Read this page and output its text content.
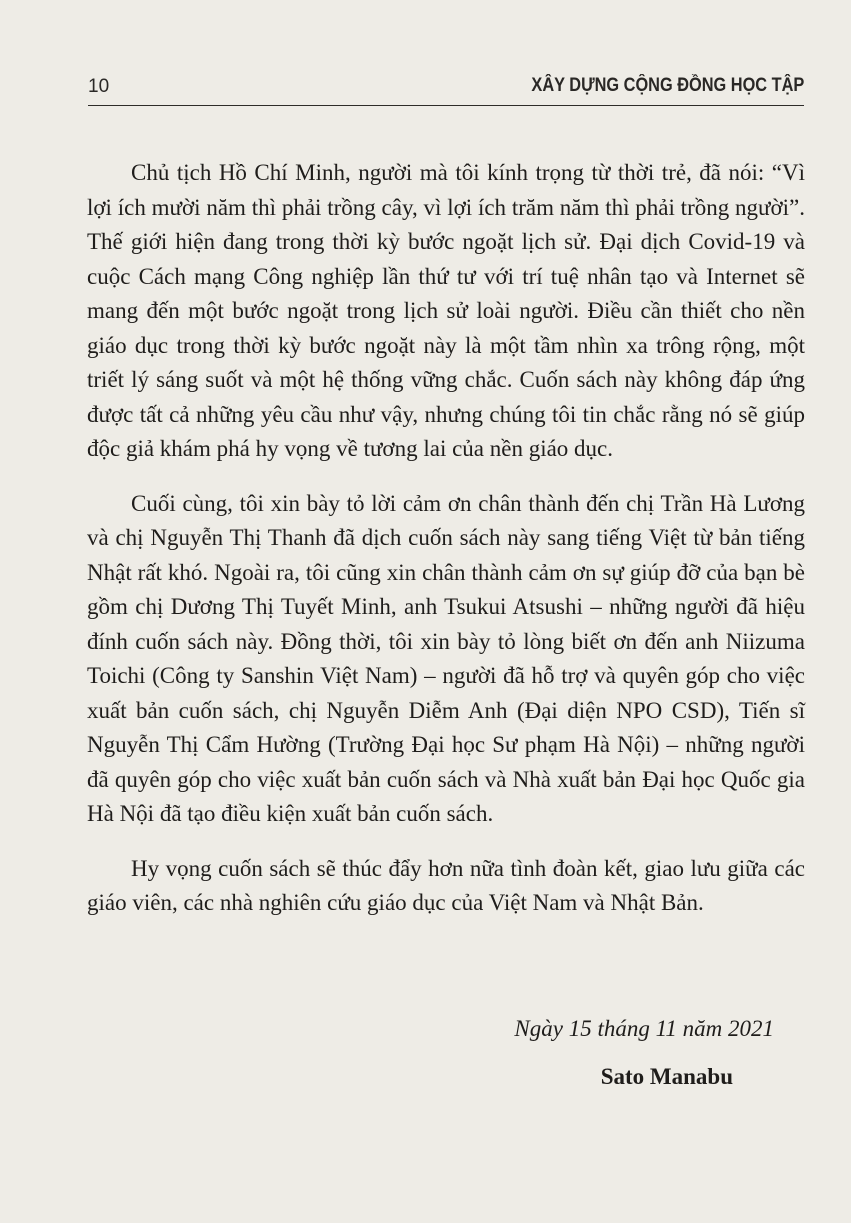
10	XÂY DỰNG CỘNG ĐỒNG HỌC TẬP

Chủ tịch Hồ Chí Minh, người mà tôi kính trọng từ thời trẻ, đã nói: “Vì lợi ích mười năm thì phải trồng cây, vì lợi ích trăm năm thì phải trồng người”. Thế giới hiện đang trong thời kỳ bước ngoặt lịch sử. Đại dịch Covid-19 và cuộc Cách mạng Công nghiệp lần thứ tư với trí tuệ nhân tạo và Internet sẽ mang đến một bước ngoặt trong lịch sử loài người. Điều cần thiết cho nền giáo dục trong thời kỳ bước ngoặt này là một tầm nhìn xa trông rộng, một triết lý sáng suốt và một hệ thống vững chắc. Cuốn sách này không đáp ứng được tất cả những yêu cầu như vậy, nhưng chúng tôi tin chắc rằng nó sẽ giúp độc giả khám phá hy vọng về tương lai của nền giáo dục.

Cuối cùng, tôi xin bày tỏ lời cảm ơn chân thành đến chị Trần Hà Lương và chị Nguyễn Thị Thanh đã dịch cuốn sách này sang tiếng Việt từ bản tiếng Nhật rất khó. Ngoài ra, tôi cũng xin chân thành cảm ơn sự giúp đỡ của bạn bè gồm chị Dương Thị Tuyết Minh, anh Tsukui Atsushi – những người đã hiệu đính cuốn sách này. Đồng thời, tôi xin bày tỏ lòng biết ơn đến anh Niizuma Toichi (Công ty Sanshin Việt Nam) – người đã hỗ trợ và quyên góp cho việc xuất bản cuốn sách, chị Nguyễn Diễm Anh (Đại diện NPO CSD), Tiến sĩ Nguyễn Thị Cẩm Hường (Trường Đại học Sư phạm Hà Nội) – những người đã quyên góp cho việc xuất bản cuốn sách và Nhà xuất bản Đại học Quốc gia Hà Nội đã tạo điều kiện xuất bản cuốn sách.

Hy vọng cuốn sách sẽ thúc đẩy hơn nữa tình đoàn kết, giao lưu giữa các giáo viên, các nhà nghiên cứu giáo dục của Việt Nam và Nhật Bản.

Ngày 15 tháng 11 năm 2021
Sato Manabu
